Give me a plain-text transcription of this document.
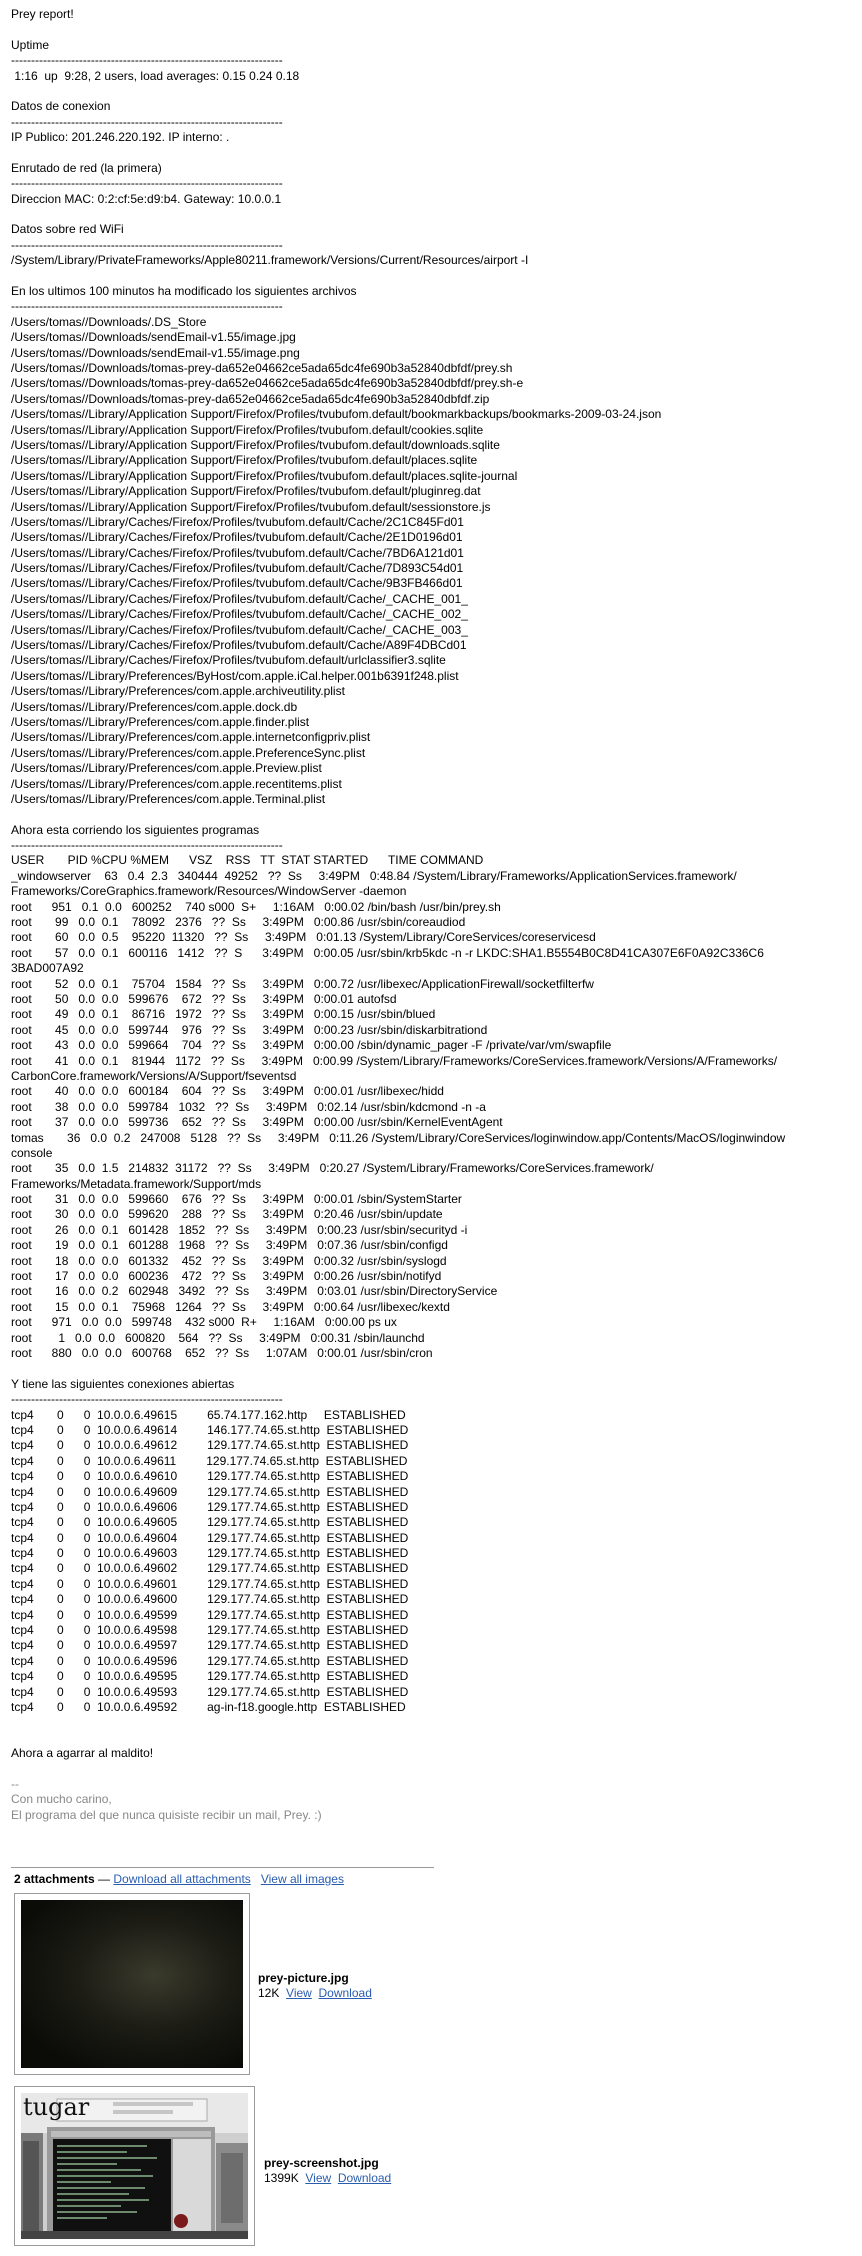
Prey report!
Uptime
--------------------------------------------------------------------
1:16  up  9:28, 2 users, load averages: 0.15 0.24 0.18
Datos de conexion
--------------------------------------------------------------------
IP Publico: 201.246.220.192. IP interno: .
Enrutado de red (la primera)
--------------------------------------------------------------------
Direccion MAC: 0:2:cf:5e:d9:b4. Gateway: 10.0.0.1
Datos sobre red WiFi
--------------------------------------------------------------------
/System/Library/PrivateFrameworks/Apple80211.framework/Versions/Current/Resources/airport -I
En los ultimos 100 minutos ha modificado los siguientes archivos
--------------------------------------------------------------------
/Users/tomas//Downloads/.DS_Store
/Users/tomas//Downloads/sendEmail-v1.55/image.jpg
/Users/tomas//Downloads/sendEmail-v1.55/image.png
/Users/tomas//Downloads/tomas-prey-da652e04662ce5ada65dc4fe690b3a52840dbfdf/prey.sh
/Users/tomas//Downloads/tomas-prey-da652e04662ce5ada65dc4fe690b3a52840dbfdf/prey.sh-e
/Users/tomas//Downloads/tomas-prey-da652e04662ce5ada65dc4fe690b3a52840dbfdf.zip
/Users/tomas//Library/Application Support/Firefox/Profiles/tvubufom.default/bookmarkbackups/bookmarks-2009-03-24.json
/Users/tomas//Library/Application Support/Firefox/Profiles/tvubufom.default/cookies.sqlite
/Users/tomas//Library/Application Support/Firefox/Profiles/tvubufom.default/downloads.sqlite
/Users/tomas//Library/Application Support/Firefox/Profiles/tvubufom.default/places.sqlite
/Users/tomas//Library/Application Support/Firefox/Profiles/tvubufom.default/places.sqlite-journal
/Users/tomas//Library/Application Support/Firefox/Profiles/tvubufom.default/pluginreg.dat
/Users/tomas//Library/Application Support/Firefox/Profiles/tvubufom.default/sessionstore.js
/Users/tomas//Library/Caches/Firefox/Profiles/tvubufom.default/Cache/2C1C845Fd01
/Users/tomas//Library/Caches/Firefox/Profiles/tvubufom.default/Cache/2E1D0196d01
/Users/tomas//Library/Caches/Firefox/Profiles/tvubufom.default/Cache/7BD6A121d01
/Users/tomas//Library/Caches/Firefox/Profiles/tvubufom.default/Cache/7D893C54d01
/Users/tomas//Library/Caches/Firefox/Profiles/tvubufom.default/Cache/9B3FB466d01
/Users/tomas//Library/Caches/Firefox/Profiles/tvubufom.default/Cache/_CACHE_001_
/Users/tomas//Library/Caches/Firefox/Profiles/tvubufom.default/Cache/_CACHE_002_
/Users/tomas//Library/Caches/Firefox/Profiles/tvubufom.default/Cache/_CACHE_003_
/Users/tomas//Library/Caches/Firefox/Profiles/tvubufom.default/Cache/A89F4DBCd01
/Users/tomas//Library/Caches/Firefox/Profiles/tvubufom.default/urlclassifier3.sqlite
/Users/tomas//Library/Preferences/ByHost/com.apple.iCal.helper.001b6391f248.plist
/Users/tomas//Library/Preferences/com.apple.archiveutility.plist
/Users/tomas//Library/Preferences/com.apple.dock.db
/Users/tomas//Library/Preferences/com.apple.finder.plist
/Users/tomas//Library/Preferences/com.apple.internetconfigpriv.plist
/Users/tomas//Library/Preferences/com.apple.PreferenceSync.plist
/Users/tomas//Library/Preferences/com.apple.Preview.plist
/Users/tomas//Library/Preferences/com.apple.recentitems.plist
/Users/tomas//Library/Preferences/com.apple.Terminal.plist
Ahora esta corriendo los siguientes programas
--------------------------------------------------------------------
USER       PID %CPU %MEM      VSZ    RSS   TT  STAT STARTED      TIME COMMAND
_windowserver    63   0.4  2.3   340444  49252   ??  Ss     3:49PM   0:48.84 /System/Library/Frameworks/ApplicationServices.framework/
Frameworks/CoreGraphics.framework/Resources/WindowServer -daemon
root      951   0.1  0.0   600252    740 s000  S+     1:16AM   0:00.02 /bin/bash /usr/bin/prey.sh
root       99   0.0  0.1    78092   2376   ??  Ss     3:49PM   0:00.86 /usr/sbin/coreaudiod
root       60   0.0  0.5    95220  11320   ??  Ss     3:49PM   0:01.13 /System/Library/CoreServices/coreservicesd
root       57   0.0  0.1   600116   1412   ??  S      3:49PM   0:00.05 /usr/sbin/krb5kdc -n -r LKDC:SHA1.B5554B0C8D41CA307E6F0A92C336C6
3BAD007A92
root       52   0.0  0.1    75704   1584   ??  Ss     3:49PM   0:00.72 /usr/libexec/ApplicationFirewall/socketfilterfw
root       50   0.0  0.0   599676    672   ??  Ss     3:49PM   0:00.01 autofsd
root       49   0.0  0.1    86716   1972   ??  Ss     3:49PM   0:00.15 /usr/sbin/blued
root       45   0.0  0.0   599744    976   ??  Ss     3:49PM   0:00.23 /usr/sbin/diskarbitrationd
root       43   0.0  0.0   599664    704   ??  Ss     3:49PM   0:00.00 /sbin/dynamic_pager -F /private/var/vm/swapfile
root       41   0.0  0.1    81944   1172   ??  Ss     3:49PM   0:00.99 /System/Library/Frameworks/CoreServices.framework/Versions/A/Frameworks/
CarbonCore.framework/Versions/A/Support/fseventsd
root       40   0.0  0.0   600184    604   ??  Ss     3:49PM   0:00.01 /usr/libexec/hidd
root       38   0.0  0.0   599784   1032   ??  Ss     3:49PM   0:02.14 /usr/sbin/kdcmond -n -a
root       37   0.0  0.0   599736    652   ??  Ss     3:49PM   0:00.00 /usr/sbin/KernelEventAgent
tomas       36   0.0  0.2   247008   5128   ??  Ss     3:49PM   0:11.26 /System/Library/CoreServices/loginwindow.app/Contents/MacOS/loginwindow
console
root       35   0.0  1.5   214832  31172   ??  Ss     3:49PM   0:20.27 /System/Library/Frameworks/CoreServices.framework/
Frameworks/Metadata.framework/Support/mds
root       31   0.0  0.0   599660    676   ??  Ss     3:49PM   0:00.01 /sbin/SystemStarter
root       30   0.0  0.0   599620    288   ??  Ss     3:49PM   0:20.46 /usr/sbin/update
root       26   0.0  0.1   601428   1852   ??  Ss     3:49PM   0:00.23 /usr/sbin/securityd -i
root       19   0.0  0.1   601288   1968   ??  Ss     3:49PM   0:07.36 /usr/sbin/configd
root       18   0.0  0.0   601332    452   ??  Ss     3:49PM   0:00.32 /usr/sbin/syslogd
root       17   0.0  0.0   600236    472   ??  Ss     3:49PM   0:00.26 /usr/sbin/notifyd
root       16   0.0  0.2   602948   3492   ??  Ss     3:49PM   0:03.01 /usr/sbin/DirectoryService
root       15   0.0  0.1    75968   1264   ??  Ss     3:49PM   0:00.64 /usr/libexec/kextd
root      971   0.0  0.0   599748    432 s000  R+     1:16AM   0:00.00 ps ux
root        1   0.0  0.0   600820    564   ??  Ss     3:49PM   0:00.31 /sbin/launchd
root      880   0.0  0.0   600768    652   ??  Ss     1:07AM   0:00.01 /usr/sbin/cron
Y tiene las siguientes conexiones abiertas
--------------------------------------------------------------------
tcp4       0      0  10.0.0.6.49615         65.74.177.162.http     ESTABLISHED
tcp4       0      0  10.0.0.6.49614         146.177.74.65.st.http  ESTABLISHED
tcp4       0      0  10.0.0.6.49612         129.177.74.65.st.http  ESTABLISHED
tcp4       0      0  10.0.0.6.49611         129.177.74.65.st.http  ESTABLISHED
tcp4       0      0  10.0.0.6.49610         129.177.74.65.st.http  ESTABLISHED
tcp4       0      0  10.0.0.6.49609         129.177.74.65.st.http  ESTABLISHED
tcp4       0      0  10.0.0.6.49606         129.177.74.65.st.http  ESTABLISHED
tcp4       0      0  10.0.0.6.49605         129.177.74.65.st.http  ESTABLISHED
tcp4       0      0  10.0.0.6.49604         129.177.74.65.st.http  ESTABLISHED
tcp4       0      0  10.0.0.6.49603         129.177.74.65.st.http  ESTABLISHED
tcp4       0      0  10.0.0.6.49602         129.177.74.65.st.http  ESTABLISHED
tcp4       0      0  10.0.0.6.49601         129.177.74.65.st.http  ESTABLISHED
tcp4       0      0  10.0.0.6.49600         129.177.74.65.st.http  ESTABLISHED
tcp4       0      0  10.0.0.6.49599         129.177.74.65.st.http  ESTABLISHED
tcp4       0      0  10.0.0.6.49598         129.177.74.65.st.http  ESTABLISHED
tcp4       0      0  10.0.0.6.49597         129.177.74.65.st.http  ESTABLISHED
tcp4       0      0  10.0.0.6.49596         129.177.74.65.st.http  ESTABLISHED
tcp4       0      0  10.0.0.6.49595         129.177.74.65.st.http  ESTABLISHED
tcp4       0      0  10.0.0.6.49593         129.177.74.65.st.http  ESTABLISHED
tcp4       0      0  10.0.0.6.49592         ag-in-f18.google.http  ESTABLISHED
Ahora a agarrar al maldito!
--
Con mucho carino,
El programa del que nunca quisiste recibir un mail, Prey. :)
2 attachments — Download all attachments View all images
prey-picture.jpg
12K View Download
tugar
prey-screenshot.jpg
1399K View Download
